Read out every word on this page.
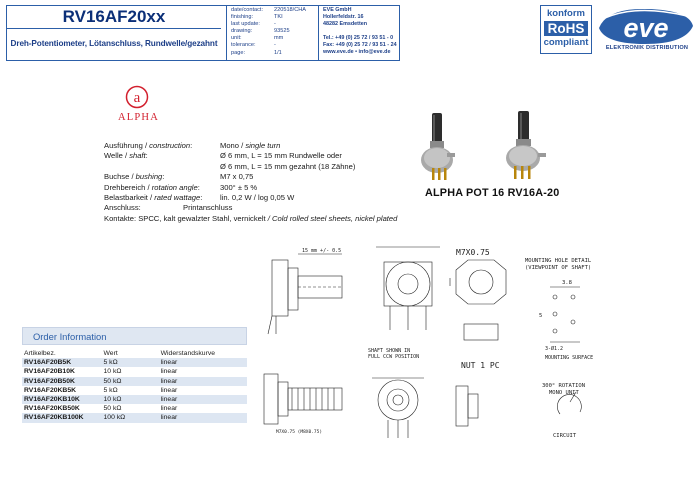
RV16AF20xx
Dreh-Potentiometer, Lötanschluss, Rundwelle/gezahnt
date/contact:	220518/CHA
finishing:	TKI
last update:	-
drawing:	93525
unit:	mm
tolerance:	-
page:	1/1
EVE GmbH
Hollerfeldstr. 16
48282 Emsdetten
Tel.: +49 (0) 25 72 / 93 51 - 0
Fax: +49 (0) 25 72 / 93 51 - 24
www.eve.de • info@eve.de
konform
RoHS
compliant eve	GmbH
ELEKTRONIK DISTRIBUTION
a
ALPHA
Ausführung / construction:	Mono / single turn
Welle / shaft:	Ø 6 mm, L = 15 mm Rundwelle oder
Ø 6 mm, L = 15 mm gezahnt (18 Zähne)
Buchse / bushing:	M7 x 0,75
Drehbereich / rotation angle:	300° ± 5 %
Belastbarkeit / rated wattage:	lin. 0,2 W / log 0,05 W
Anschluss:	Printanschluss
Kontakte: SPCC, kalt gewalzter Stahl, vernickelt
/ Cold rolled steel sheets, nickel plated
ALPHA POT 16 RV16A-20
15 mm +/- 0.5	M7X0.75
NUT 1 PC
MOUNTING HOLE DETAIL
(VIEWPOINT OF SHAFT)
3.8
5
3-Ø1.2
MOUNTING SURFACE
M7X0.75 (M8X0.75)
SHAFT SHOWN IN
FULL CCW POSITION
300° ROTATION
MONO UNIT
CIRCUIT
Order Information
Artikelbez.	Wert	Widerstandskurve
RV16AF20B5K	5 kΩ	linear
RV16AF20B10K	10 kΩ	linear
RV16AF20B50K	50 kΩ	linear
RV16AF20KB5K	5 kΩ	linear
RV16AF20KB10K	10 kΩ	linear
RV16AF20KB50K	50 kΩ	linear
RV16AF20KB100K	100 kΩ	linear
